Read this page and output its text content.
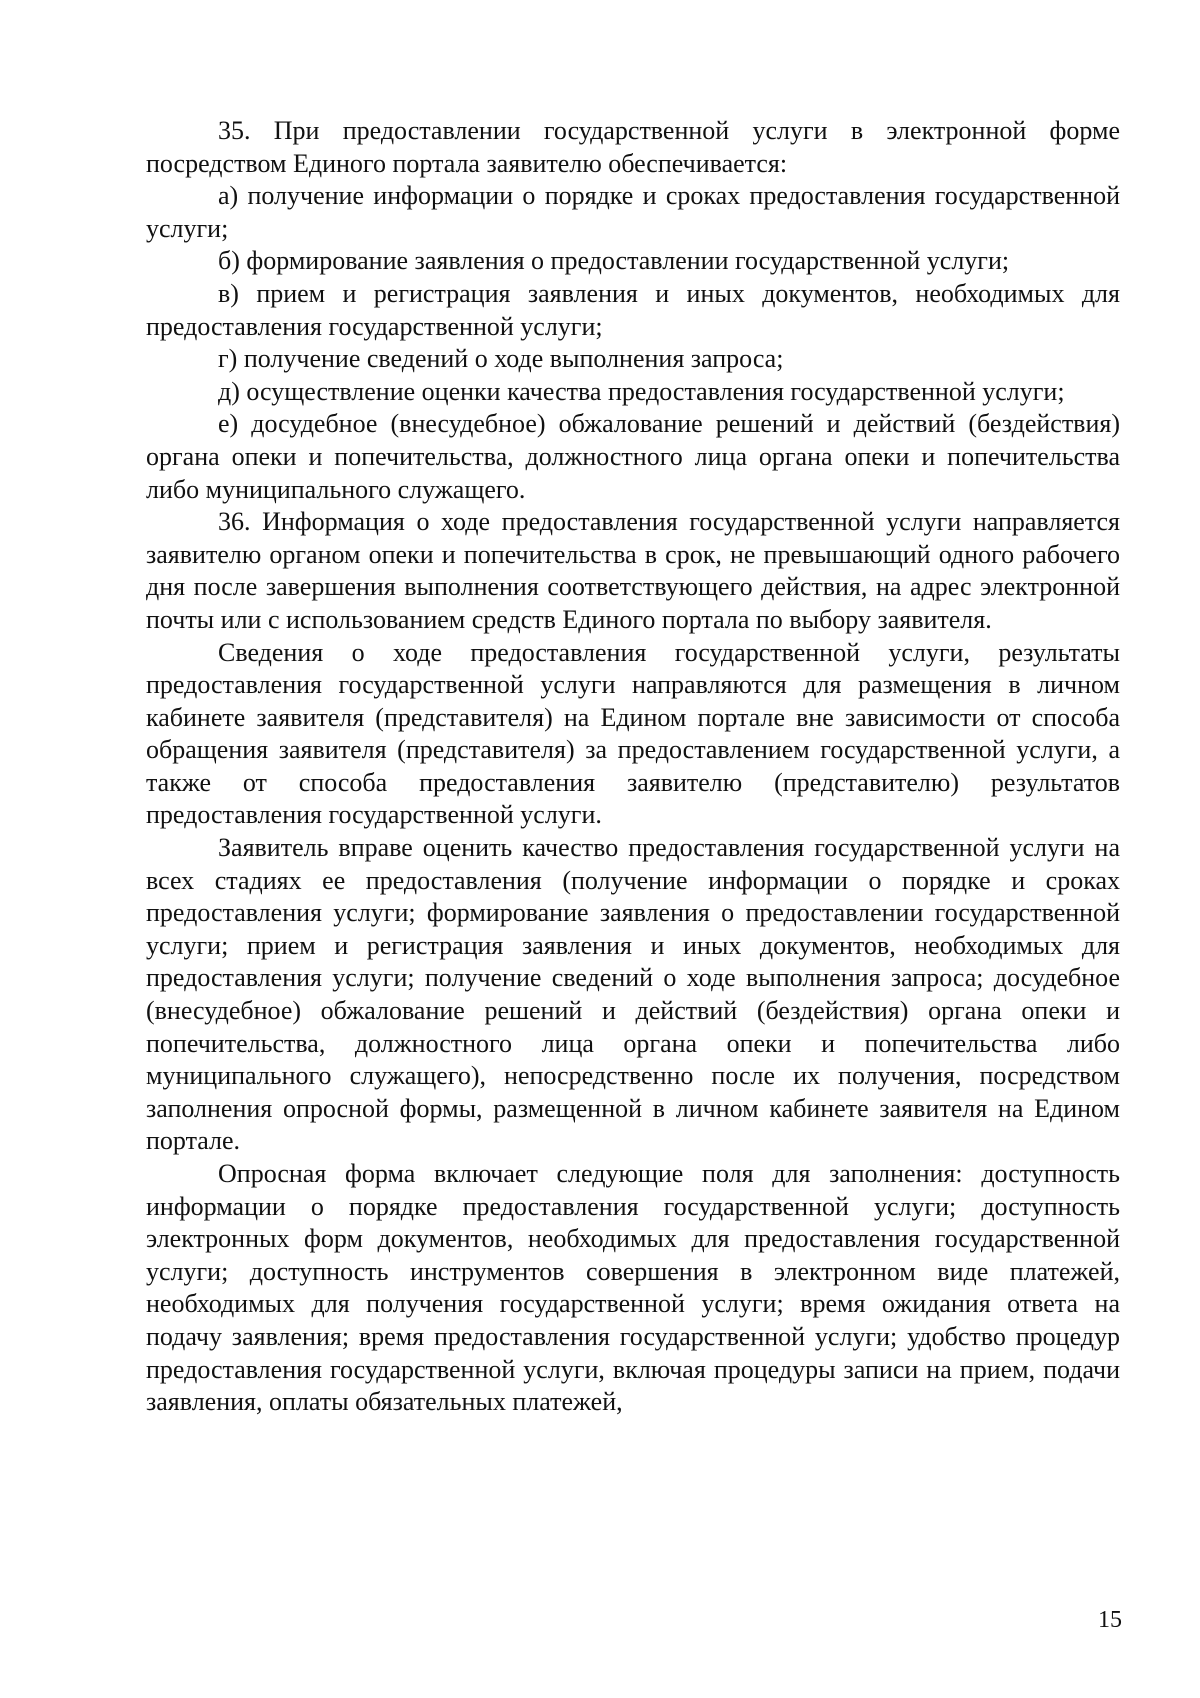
35. При предоставлении государственной услуги в электронной форме посредством Единого портала заявителю обеспечивается:

а) получение информации о порядке и сроках предоставления государственной услуги;

б) формирование заявления о предоставлении государственной услуги;

в) прием и регистрация заявления и иных документов, необходимых для предоставления государственной услуги;

г) получение сведений о ходе выполнения запроса;

д) осуществление оценки качества предоставления государственной услуги;

е) досудебное (внесудебное) обжалование решений и действий (бездействия) органа опеки и попечительства, должностного лица органа опеки и попечительства либо муниципального служащего.

36. Информация о ходе предоставления государственной услуги направляется заявителю органом опеки и попечительства в срок, не превышающий одного рабочего дня после завершения выполнения соответствующего действия, на адрес электронной почты или с использованием средств Единого портала по выбору заявителя.

Сведения о ходе предоставления государственной услуги, результаты предоставления государственной услуги направляются для размещения в личном кабинете заявителя (представителя) на Едином портале вне зависимости от способа обращения заявителя (представителя) за предоставлением государственной услуги, а также от способа предоставления заявителю (представителю) результатов предоставления государственной услуги.

Заявитель вправе оценить качество предоставления государственной услуги на всех стадиях ее предоставления (получение информации о порядке и сроках предоставления услуги; формирование заявления о предоставлении государственной услуги; прием и регистрация заявления и иных документов, необходимых для предоставления услуги; получение сведений о ходе выполнения запроса; досудебное (внесудебное) обжалование решений и действий (бездействия) органа опеки и попечительства, должностного лица органа опеки и попечительства либо муниципального служащего), непосредственно после их получения, посредством заполнения опросной формы, размещенной в личном кабинете заявителя на Едином портале.

Опросная форма включает следующие поля для заполнения: доступность информации о порядке предоставления государственной услуги; доступность электронных форм документов, необходимых для предоставления государственной услуги; доступность инструментов совершения в электронном виде платежей, необходимых для получения государственной услуги; время ожидания ответа на подачу заявления; время предоставления государственной услуги; удобство процедур предоставления государственной услуги, включая процедуры записи на прием, подачи заявления, оплаты обязательных платежей,

15
